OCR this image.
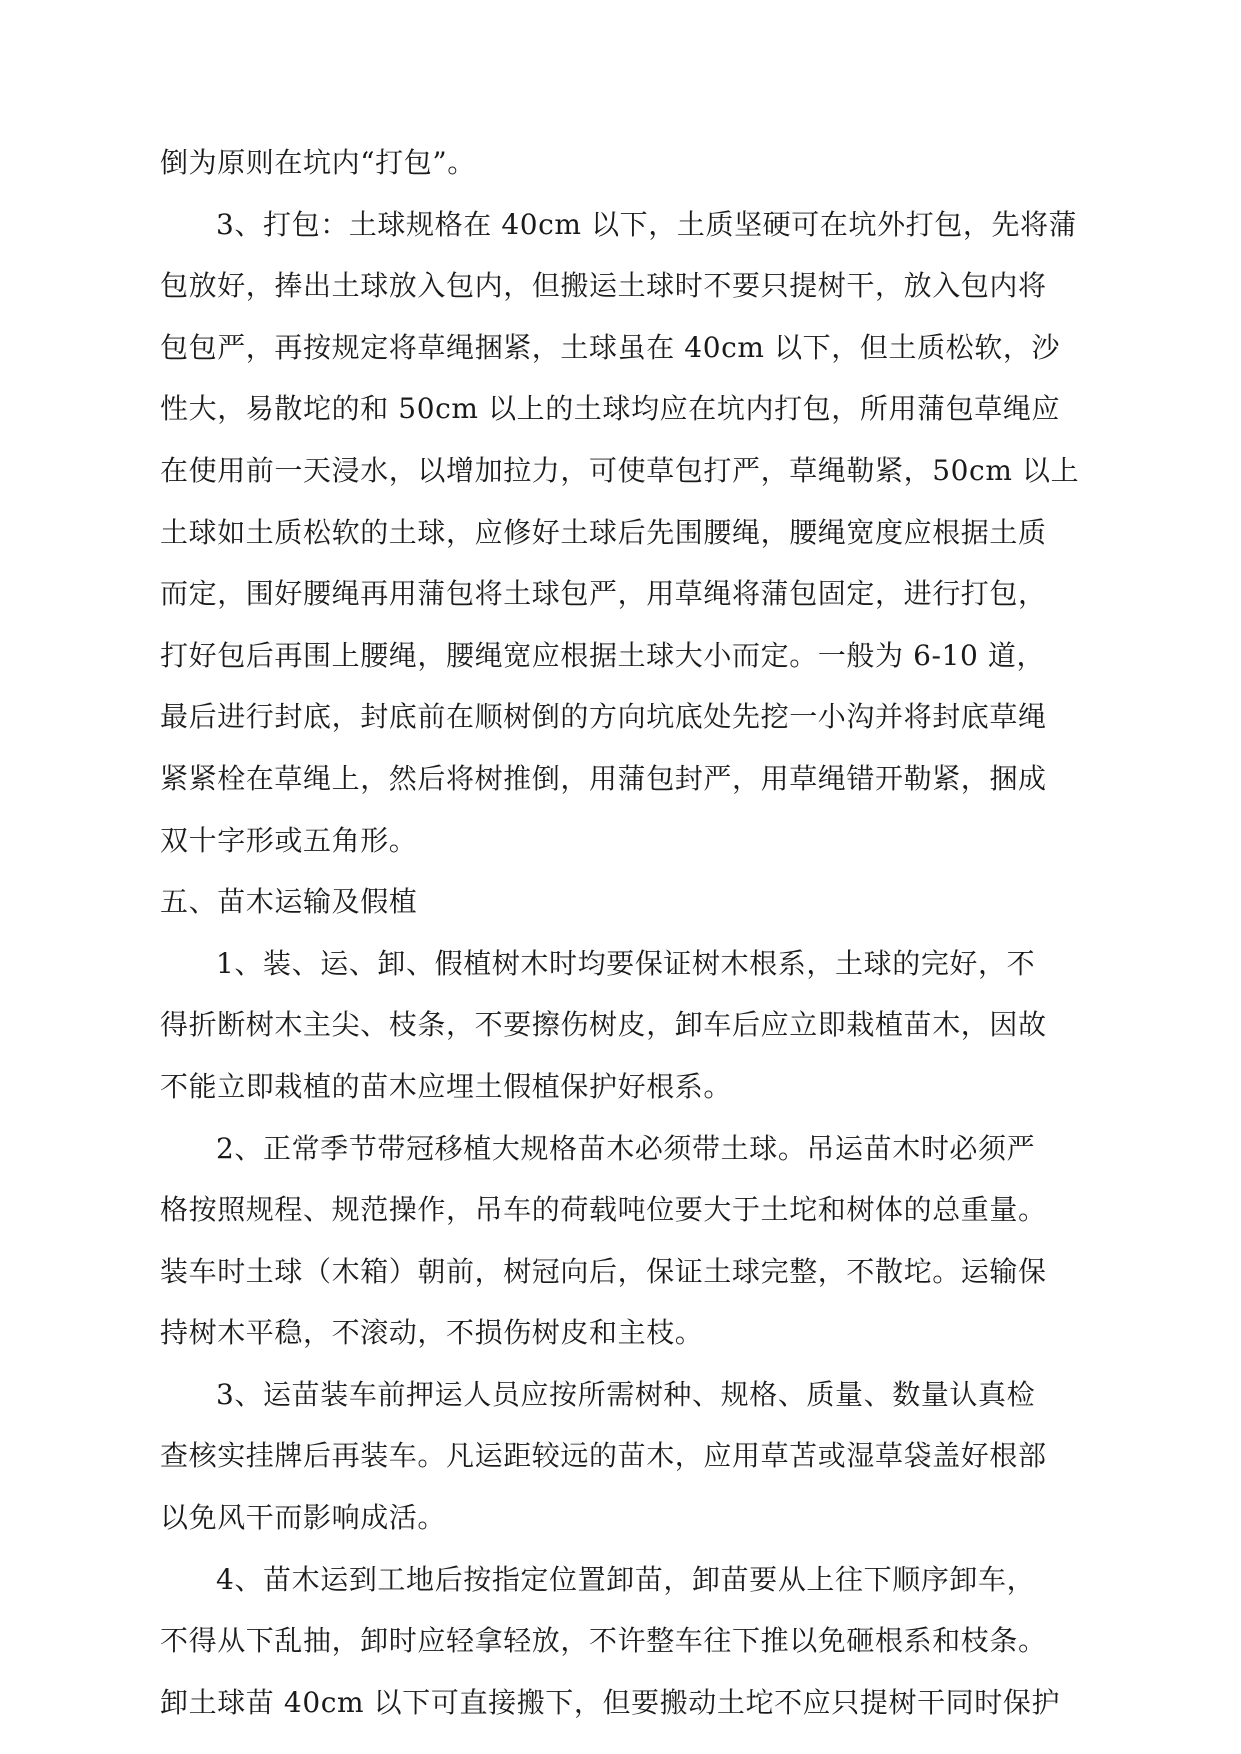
倒为原则在坑内“打包”。
3、打包：土球规格在 40cm 以下，土质坚硬可在坑外打包，先将蒲
包放好，捧出土球放入包内，但搬运土球时不要只提树干，放入包内将
包包严，再按规定将草绳捆紧，土球虽在 40cm 以下，但土质松软，沙
性大，易散坨的和 50cm 以上的土球均应在坑内打包，所用蒲包草绳应
在使用前一天浸水，以增加拉力，可使草包打严，草绳勒紧，50cm 以上
土球如土质松软的土球，应修好土球后先围腰绳，腰绳宽度应根据土质
而定，围好腰绳再用蒲包将土球包严，用草绳将蒲包固定，进行打包，
打好包后再围上腰绳，腰绳宽应根据土球大小而定。一般为 6-10 道，
最后进行封底，封底前在顺树倒的方向坑底处先挖一小沟并将封底草绳
紧紧栓在草绳上，然后将树推倒，用蒲包封严，用草绳错开勒紧，捆成
双十字形或五角形。
五、苗木运输及假植
1、装、运、卸、假植树木时均要保证树木根系，土球的完好，不
得折断树木主尖、枝条，不要擦伤树皮，卸车后应立即栽植苗木，因故
不能立即栽植的苗木应埋土假植保护好根系。
2、正常季节带冠移植大规格苗木必须带土球。吊运苗木时必须严
格按照规程、规范操作，吊车的荷载吨位要大于土坨和树体的总重量。
装车时土球（木箱）朝前，树冠向后，保证土球完整，不散坨。运输保
持树木平稳，不滚动，不损伤树皮和主枝。
3、运苗装车前押运人员应按所需树种、规格、质量、数量认真检
查核实挂牌后再装车。凡运距较远的苗木，应用草苫或湿草袋盖好根部
以免风干而影响成活。
4、苗木运到工地后按指定位置卸苗，卸苗要从上往下顺序卸车，
不得从下乱抽，卸时应轻拿轻放，不许整车往下推以免砸根系和枝条。
卸土球苗 40cm 以下可直接搬下，但要搬动土坨不应只提树干同时保护
